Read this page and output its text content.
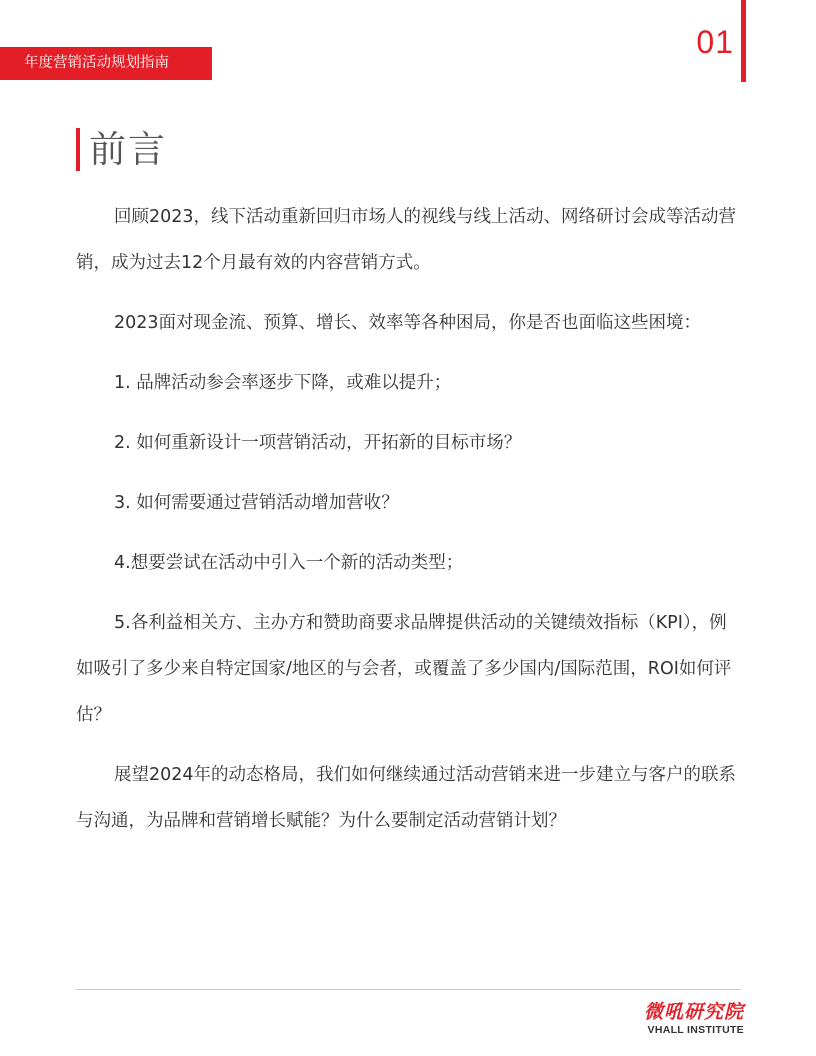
年度营销活动规划指南
01
前言

回顾2023，线下活动重新回归市场人的视线与线上活动、网络研讨会成等活动营销，成为过去12个月最有效的内容营销方式。

2023面对现金流、预算、增长、效率等各种困局，你是否也面临这些困境：

1. 品牌活动参会率逐步下降，或难以提升；

2. 如何重新设计一项营销活动，开拓新的目标市场？

3. 如何需要通过营销活动增加营收？

4.想要尝试在活动中引入一个新的活动类型；

5.各利益相关方、主办方和赞助商要求品牌提供活动的关键绩效指标（KPI），例如吸引了多少来自特定国家/地区的与会者，或覆盖了多少国内/国际范围，ROI如何评估？

展望2024年的动态格局，我们如何继续通过活动营销来进一步建立与客户的联系与沟通，为品牌和营销增长赋能？为什么要制定活动营销计划？

微吼研究院
VHALL INSTITUTE
